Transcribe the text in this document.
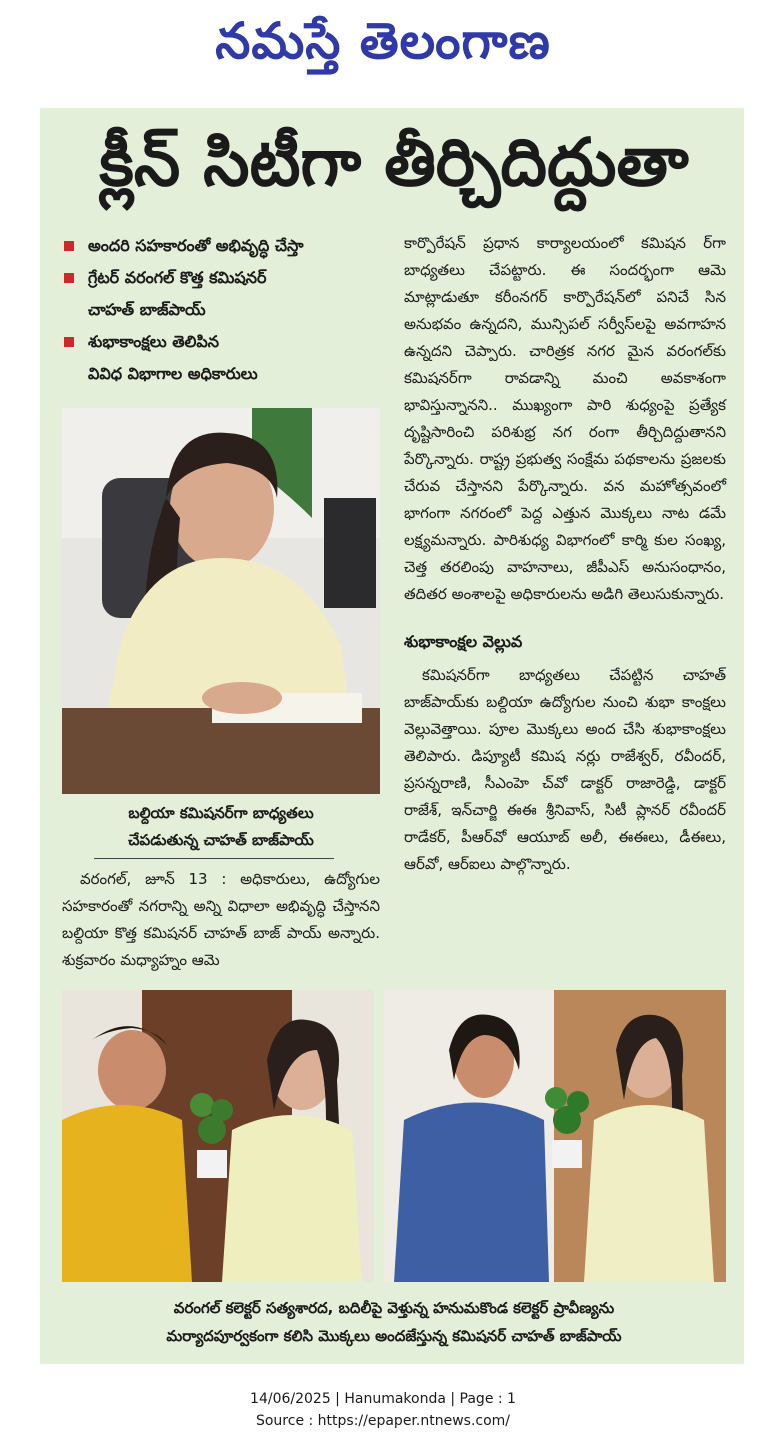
నమస్తే తెలంగాణ
క్లీన్ సిటీగా తీర్చిదిద్దుతా
అందరి సహకారంతో అభివృద్ధి చేస్తా
గ్రేటర్ వరంగల్ కొత్త కమిషనర్
చాహత్ బాజ్‌పాయ్
శుభాకాంక్షలు తెలిపిన
వివిధ విభాగాల అధికారులు
బల్దియా కమిషనర్‌గా బాధ్యతలు
చేపడుతున్న చాహత్ బాజ్‌పాయ్

వరంగల్, జూన్ 13 : అధికారులు, ఉద్యోగుల సహకారంతో నగరాన్ని అన్ని విధాలా అభివృద్ధి చేస్తానని బల్దియా కొత్త కమిషనర్ చాహత్ బాజ్ పాయ్ అన్నారు. శుక్రవారం మధ్యాహ్నం ఆమె

కార్పొరేషన్ ప్రధాన కార్యాలయంలో కమిషన ర్‌గా బాధ్యతలు చేపట్టారు. ఈ సందర్భంగా ఆమె మాట్లాడుతూ కరీంనగర్ కార్పొరేషన్‌లో పనిచే సిన అనుభవం ఉన్నదని, మున్సిపల్ సర్వీస్‌లపై అవగాహన ఉన్నదని చెప్పారు. చారిత్రక నగర మైన వరంగల్‌కు కమిషనర్‌గా రావడాన్ని మంచి అవకాశంగా భావిస్తున్నానని.. ముఖ్యంగా పారి శుధ్యంపై ప్రత్యేక దృష్టిసారించి పరిశుభ్ర నగ రంగా తీర్చిదిద్దుతానని పేర్కొన్నారు. రాష్ట్ర ప్రభుత్వ సంక్షేమ పథకాలను ప్రజలకు చేరువ చేస్తానని పేర్కొన్నారు. వన మహోత్సవంలో భాగంగా నగరంలో పెద్ద ఎత్తున మొక్కలు నాట డమే లక్ష్యమన్నారు. పారిశుధ్య విభాగంలో కార్మి కుల సంఖ్య, చెత్త తరలింపు వాహనాలు, జీపీఎస్ అనుసంధానం, తదితర అంశాలపై అధికారులను అడిగి తెలుసుకున్నారు.

శుభాకాంక్షల వెల్లువ

కమిషనర్‌గా బాధ్యతలు చేపట్టిన చాహత్ బాజ్‌పాయ్‌కు బల్దియా ఉద్యోగుల నుంచి శుభా కాంక్షలు వెల్లువెత్తాయి. పూల మొక్కలు అంద చేసి శుభాకాంక్షలు తెలిపారు. డిప్యూటీ కమిష నర్లు రాజేశ్వర్, రవీందర్, ప్రసన్నరాణి, సీఎంహె చ్‌వో డాక్టర్ రాజారెడ్డి, డాక్టర్ రాజేశ్, ఇన్‌చార్జి ఈఈ శ్రీనివాస్, సిటీ ప్లానర్ రవీందర్ రాడేకర్, పీఆర్‌వో ఆయూబ్ అలీ, ఈఈలు, డీఈలు, ఆర్‌వో, ఆర్‌ఐలు పాల్గొన్నారు.

వరంగల్ కలెక్టర్ సత్యశారద, బదిలీపై వెళ్తున్న హనుమకొండ కలెక్టర్ ప్రావీణ్యను
మర్యాదపూర్వకంగా కలిసి మొక్కలు అందజేస్తున్న కమిషనర్ చాహత్ బాజ్‌పాయ్
14/06/2025 | Hanumakonda | Page : 1
Source : https://epaper.ntnews.com/
